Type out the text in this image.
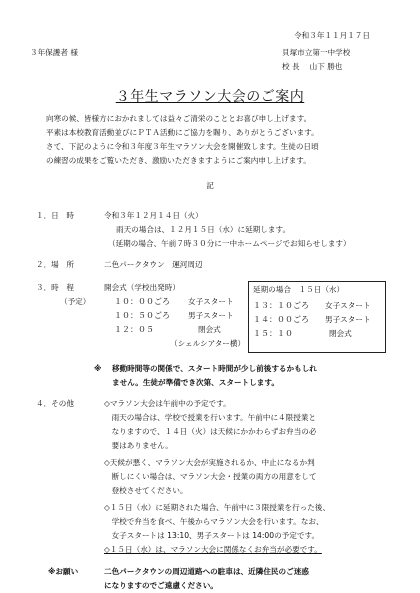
令和３年１１月１７日
３年保護者 様	貝塚市立第一中学校
校 長　 山下 勝也
３年生マラソン大会のご案内
向寒の候、皆様方におかれましては益々ご清栄のこととお喜び申し上げます。
平素は本校教育活動並びにＰＴＡ活動にご協力を賜り、ありがとうございます。
さて、下記のように令和３年度３年生マラソン大会を開催致します。生徒の日頃
の練習の成果をご覧いただき、激励いただきますようにご案内申し上げます。
記
１．日　時	令和３年１２月１４日（火）
雨天の場合は、１２月１５日（水）に延期します。
（延期の場合、午前７時３０分に一中ホームページでお知らせします）
２．場　所	二色パークタウン　運河周辺
３．時　程
（予定）
開会式（学校出発時）
１０：００ごろ 女子スタート
１０：５０ごろ 男子スタート
１２：０５	閉会式
（シェルシアター横）
延期の場合　１５日（水）
１３：１０ごろ 女子スタート
１４：００ごろ 男子スタート
１５：１０	閉会式
※ 移動時間等の関係で、スタート時間が少し前後するかもしれ
ません。生徒が準備でき次第、スタートします。
４．その他	◇マラソン大会は午前中の予定です。
　雨天の場合は、学校で授業を行います。午前中に４限授業と
　なりますので、１４日（火）は天候にかかわらずお弁当の必
　要はありません。
◇天候が悪く、マラソン大会が実施されるか、中止になるか判
　断しにくい場合は、マラソン大会・授業の両方の用意をして
　登校させてください。
◇１５日（水）に延期された場合、午前中に３限授業を行った後、
　学校で弁当を食べ、午後からマラソン大会を行います。なお、
　女子スタートは 13:10、男子スタートは 14:00の予定です。
◇１５日（水）は、マラソン大会に関係なくお弁当が必要です。
※お願い	二色パークタウンの周辺道路への駐車は、近隣住民のご迷惑
になりますのでご遠慮ください。
